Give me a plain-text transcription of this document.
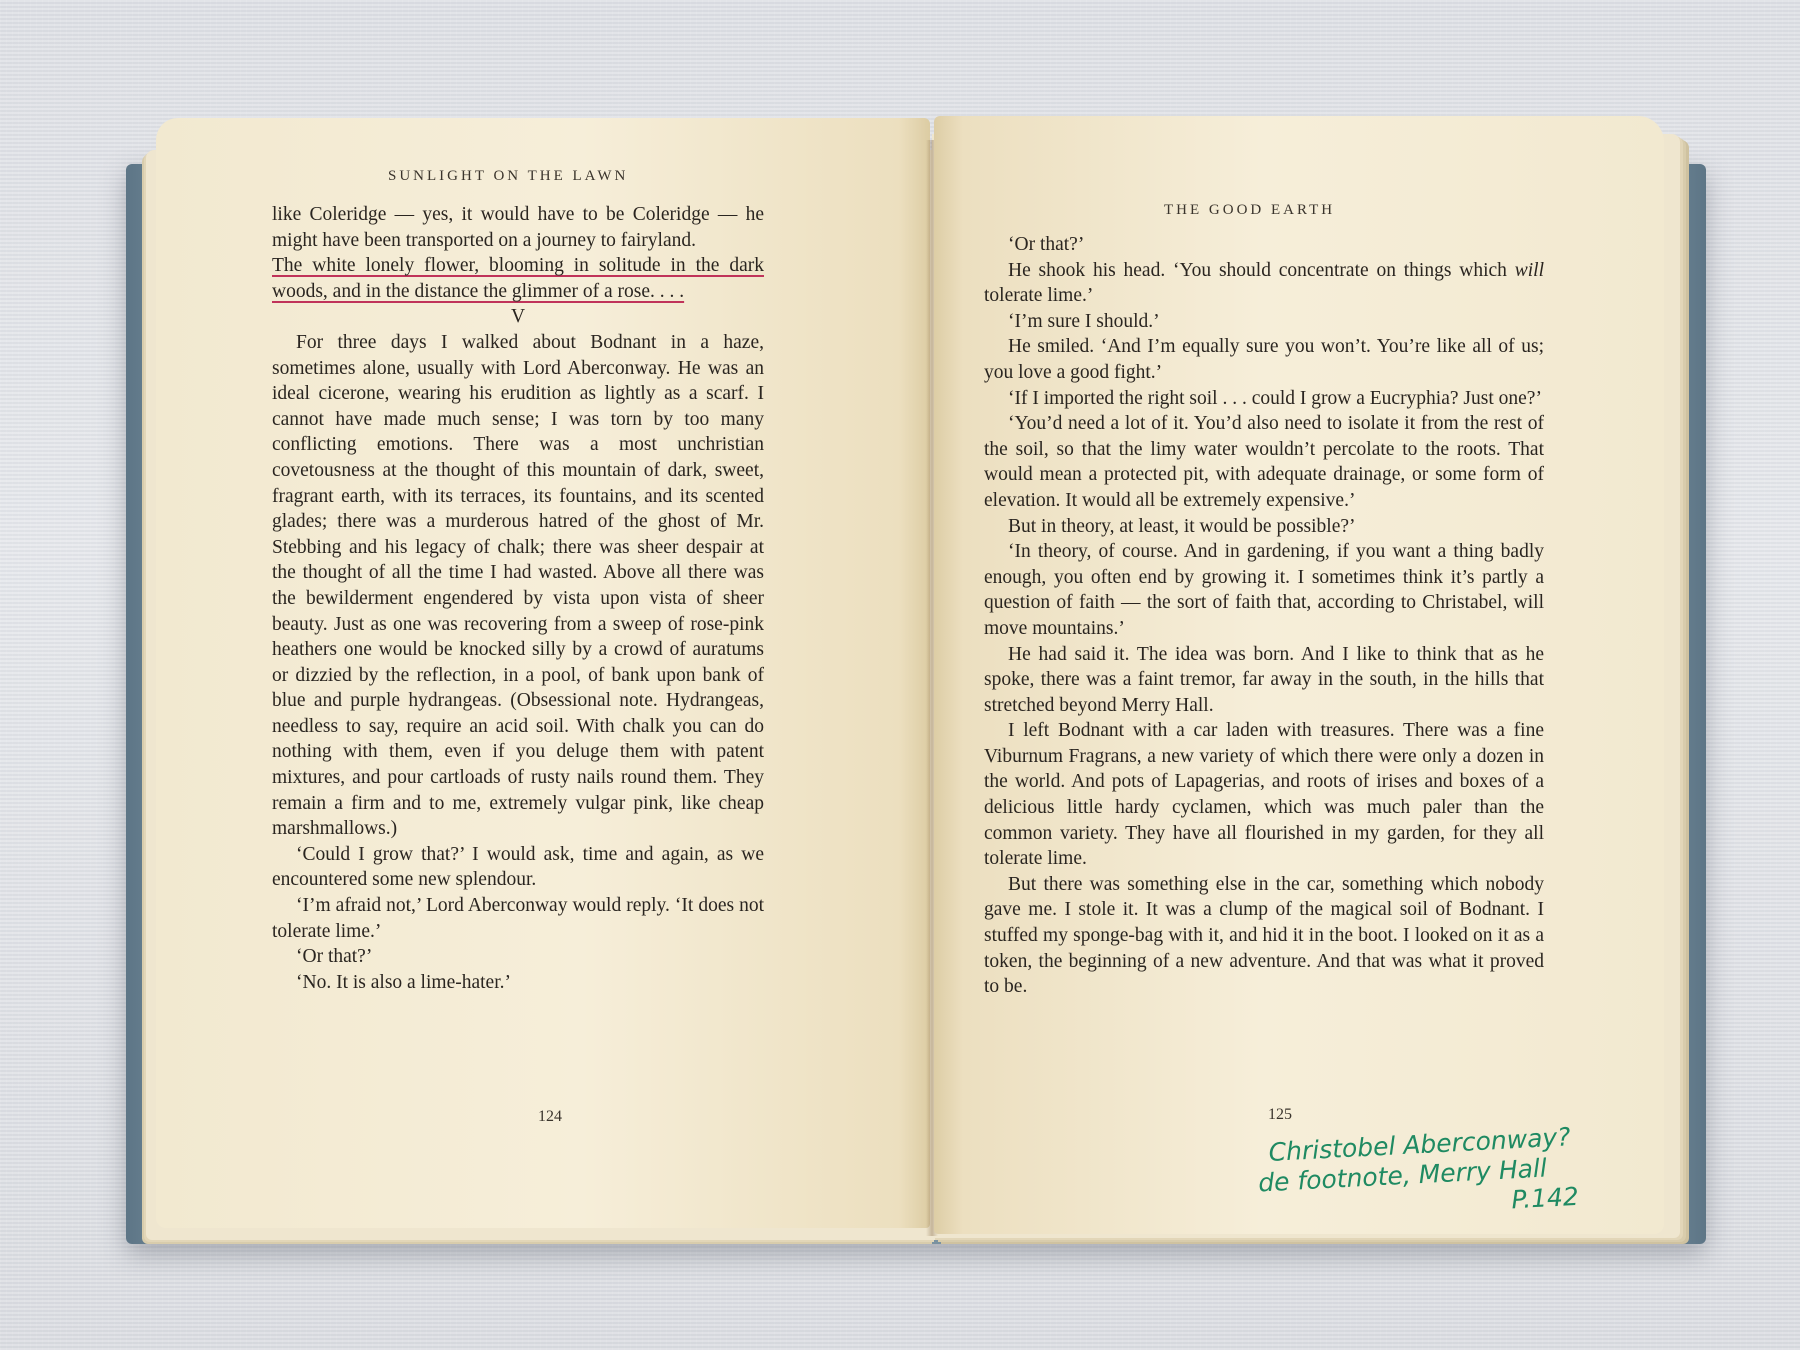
SUNLIGHT ON THE LAWN

like Coleridge — yes, it would have to be Coleridge — he might have been transported on a journey to fairyland.

The white lonely flower, blooming in solitude in the dark woods, and in the distance the glimmer of a rose. . . .

V

For three days I walked about Bodnant in a haze, sometimes alone, usually with Lord Aberconway. He was an ideal cicerone, wearing his erudition as lightly as a scarf. I cannot have made much sense; I was torn by too many conflicting emotions. There was a most unchristian covetousness at the thought of this mountain of dark, sweet, fragrant earth, with its terraces, its fountains, and its scented glades; there was a murderous hatred of the ghost of Mr. Stebbing and his legacy of chalk; there was sheer despair at the thought of all the time I had wasted. Above all there was the bewilderment engendered by vista upon vista of sheer beauty. Just as one was recovering from a sweep of rose-pink heathers one would be knocked silly by a crowd of auratums or dizzied by the reflection, in a pool, of bank upon bank of blue and purple hydrangeas. (Obsessional note. Hydrangeas, needless to say, require an acid soil. With chalk you can do nothing with them, even if you deluge them with patent mixtures, and pour cartloads of rusty nails round them. They remain a firm and to me, extremely vulgar pink, like cheap marshmallows.)

‘Could I grow that?’ I would ask, time and again, as we encountered some new splendour.

‘I’m afraid not,’ Lord Aberconway would reply. ‘It does not tolerate lime.’

‘Or that?’

‘No. It is also a lime-hater.’

124
THE GOOD EARTH

‘Or that?’

He shook his head. ‘You should concentrate on things which will tolerate lime.’

‘I’m sure I should.’

He smiled. ‘And I’m equally sure you won’t. You’re like all of us; you love a good fight.’

‘If I imported the right soil . . . could I grow a Eucryphia? Just one?’

‘You’d need a lot of it. You’d also need to isolate it from the rest of the soil, so that the limy water wouldn’t percolate to the roots. That would mean a protected pit, with adequate drainage, or some form of elevation. It would all be extremely expensive.’

But in theory, at least, it would be possible?’

‘In theory, of course. And in gardening, if you want a thing badly enough, you often end by growing it. I sometimes think it’s partly a question of faith — the sort of faith that, according to Christabel, will move mountains.’

He had said it. The idea was born. And I like to think that as he spoke, there was a faint tremor, far away in the south, in the hills that stretched beyond Merry Hall.

I left Bodnant with a car laden with treasures. There was a fine Viburnum Fragrans, a new variety of which there were only a dozen in the world. And pots of Lapagerias, and roots of irises and boxes of a delicious little hardy cyclamen, which was much paler than the common variety. They have all flourished in my garden, for they all tolerate lime.

But there was something else in the car, something which nobody gave me. I stole it. It was a clump of the magical soil of Bodnant. I stuffed my sponge-bag with it, and hid it in the boot. I looked on it as a token, the beginning of a new adventure. And that was what it proved to be.

125
Christobel Aberconway?
de footnote, Merry Hall
P.142
